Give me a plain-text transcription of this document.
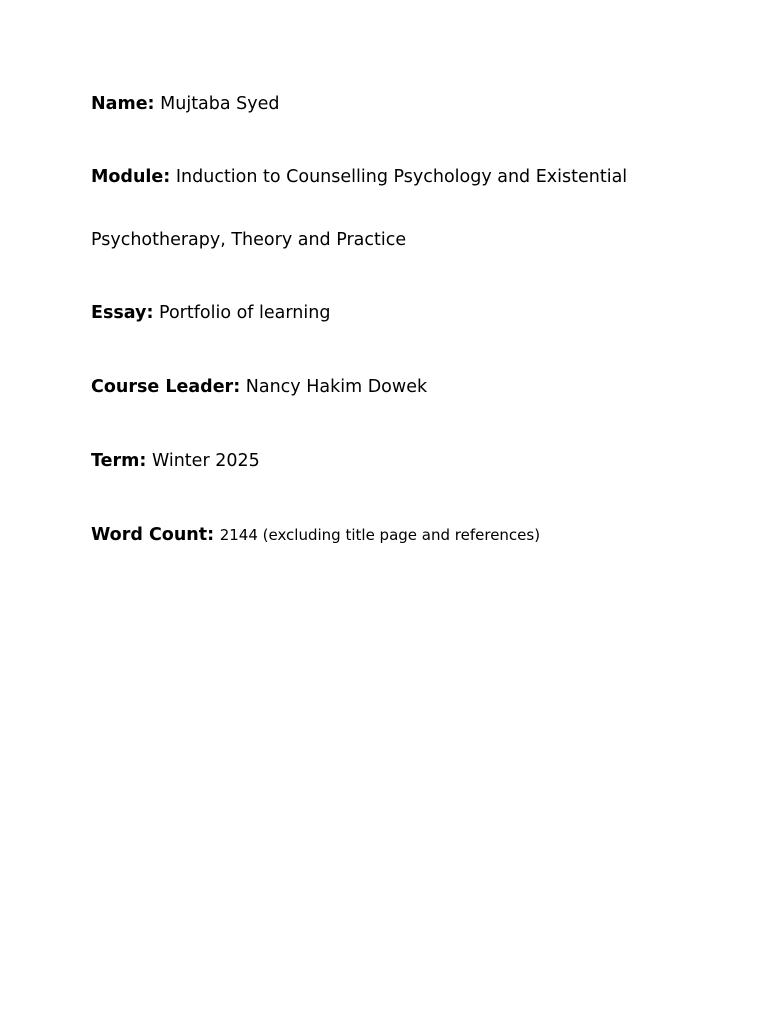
Name: Mujtaba Syed
Module: Induction to Counselling Psychology and Existential
Psychotherapy, Theory and Practice
Essay: Portfolio of learning
Course Leader: Nancy Hakim Dowek
Term: Winter 2025
Word Count: 2144 (excluding title page and references)
